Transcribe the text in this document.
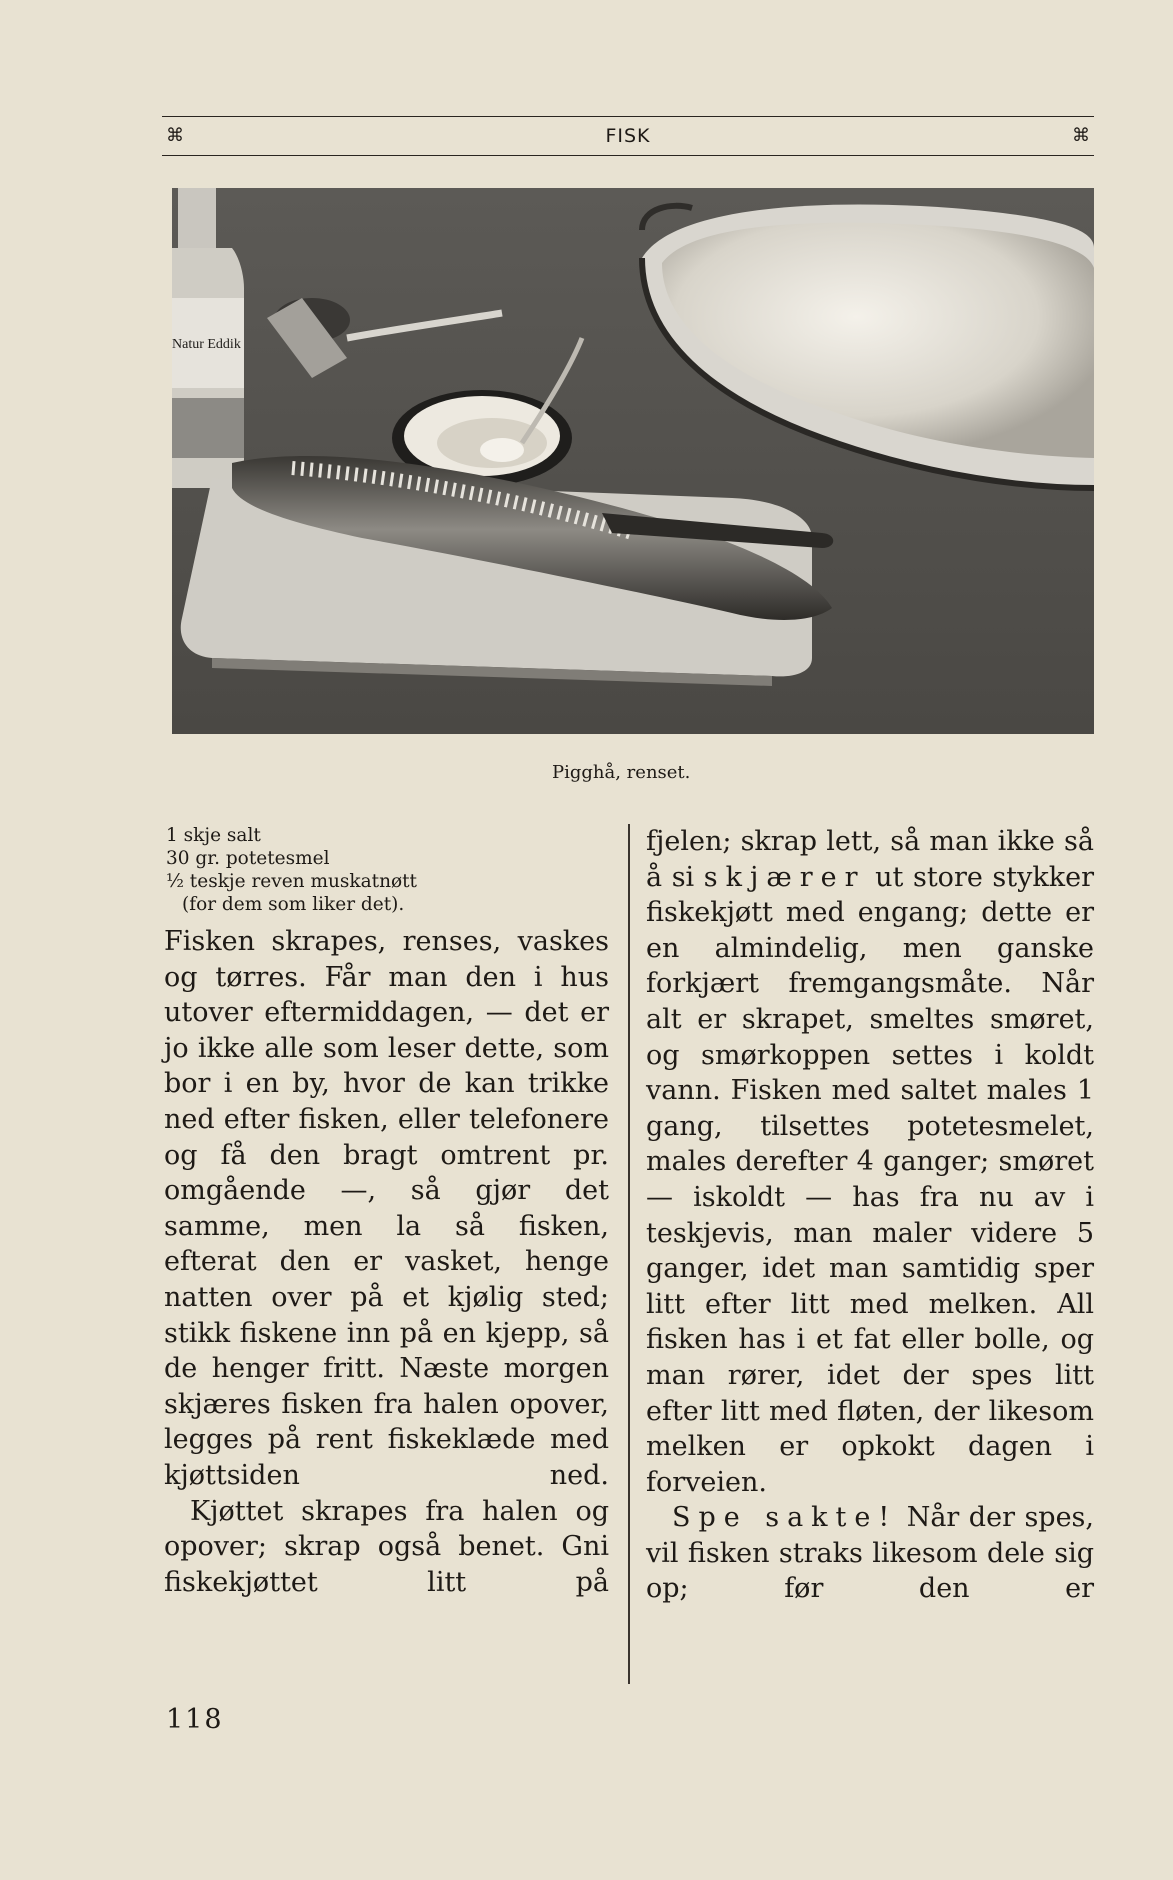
⌘	FISK	⌘
Natur Eddik
Pigghå, renset.

1 skje salt

30 gr. potetesmel

½ teskje reven muskatnøtt

(for dem som liker det).

Fisken skrapes, renses, vaskes og tørres. Får man den i hus utover eftermiddagen, — det er jo ikke alle som leser dette, som bor i en by, hvor de kan trikke ned efter fisken, eller telefonere og få den bragt omtrent pr. omgående —, så gjør det samme, men la så fisken, efterat den er vasket, henge natten over på et kjølig sted; stikk fiskene inn på en kjepp, så de henger fritt. Næste morgen skjæres fisken fra halen opover, legges på rent fiskeklæde med kjøttsiden ned.

Kjøttet skrapes fra halen og opover; skrap også benet. Gni fiskekjøttet litt på

fjelen; skrap lett, så man ikke så å si skjærer ut store stykker fiskekjøtt med engang; dette er en almindelig, men ganske forkjært fremgangsmåte. Når alt er skrapet, smeltes smøret, og smørkoppen settes i koldt vann. Fisken med saltet males 1 gang, tilsettes potetesmelet, males derefter 4 ganger; smøret — iskoldt — has fra nu av i teskjevis, man maler videre 5 ganger, idet man samtidig sper litt efter litt med melken. All fisken has i et fat eller bolle, og man rører, idet der spes litt efter litt med fløten, der likesom melken er opkokt dagen i forveien.

Spe sakte! Når der spes, vil fisken straks likesom dele sig op; før den er

118
